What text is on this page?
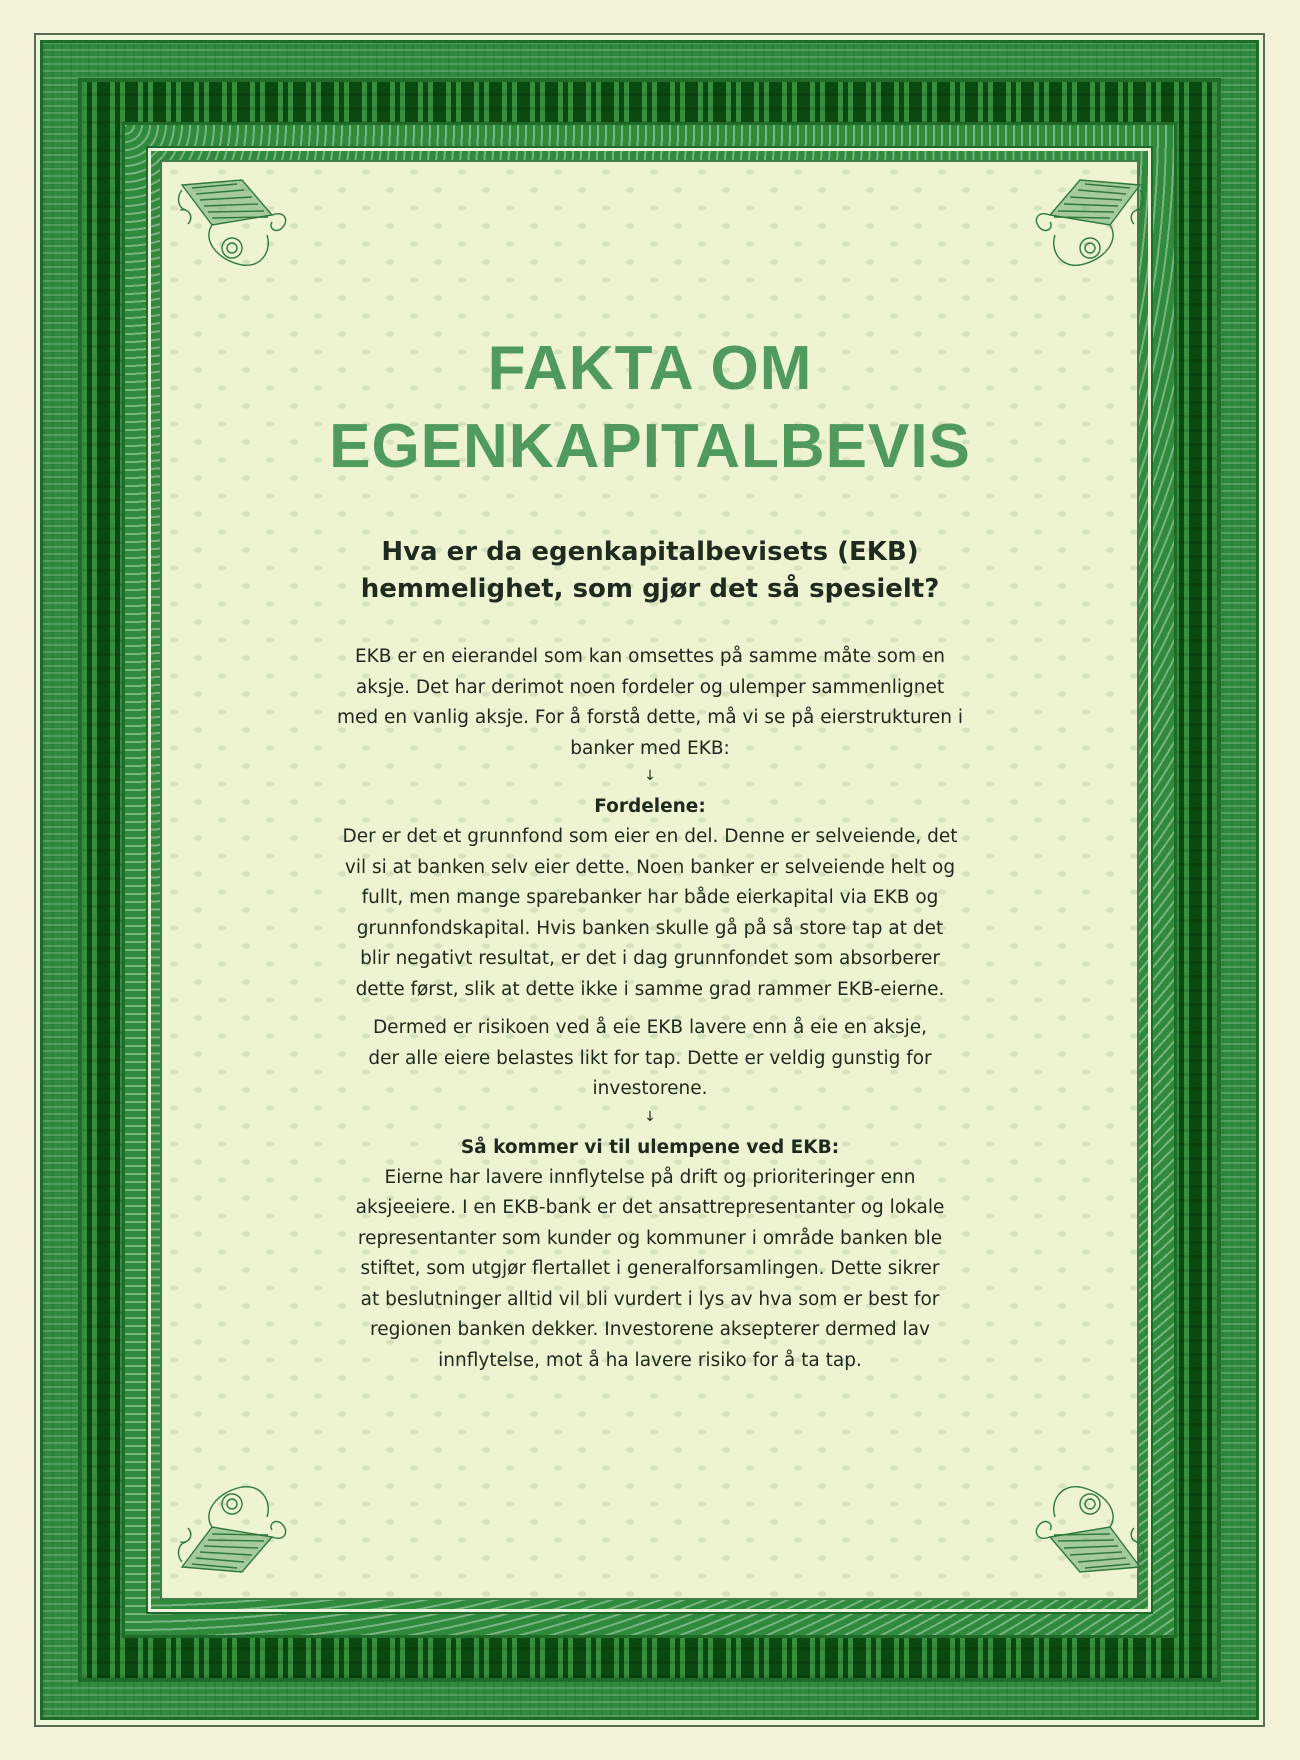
FAKTA OM
EGENKAPITALBEVIS
Hva er da egenkapitalbevisets (EKB)
hemmelighet, som gjør det så spesielt?
EKB er en eierandel som kan omsettes på samme måte som en
aksje. Det har derimot noen fordeler og ulemper sammenlignet
med en vanlig aksje. For å forstå dette, må vi se på eierstrukturen i
banker med EKB:
↓
Fordelene:
Der er det et grunnfond som eier en del. Denne er selveiende, det
vil si at banken selv eier dette. Noen banker er selveiende helt og
fullt, men mange sparebanker har både eierkapital via EKB og
grunnfondskapital. Hvis banken skulle gå på så store tap at det
blir negativt resultat, er det i dag grunnfondet som absorberer
dette først, slik at dette ikke i samme grad rammer EKB-eierne.
Dermed er risikoen ved å eie EKB lavere enn å eie en aksje,
der alle eiere belastes likt for tap. Dette er veldig gunstig for
investorene.
↓
Så kommer vi til ulempene ved EKB:
Eierne har lavere innflytelse på drift og prioriteringer enn
aksjeeiere. I en EKB-bank er det ansattrepresentanter og lokale
representanter som kunder og kommuner i område banken ble
stiftet, som utgjør flertallet i generalforsamlingen. Dette sikrer
at beslutninger alltid vil bli vurdert i lys av hva som er best for
regionen banken dekker. Investorene aksepterer dermed lav
innflytelse, mot å ha lavere risiko for å ta tap.
